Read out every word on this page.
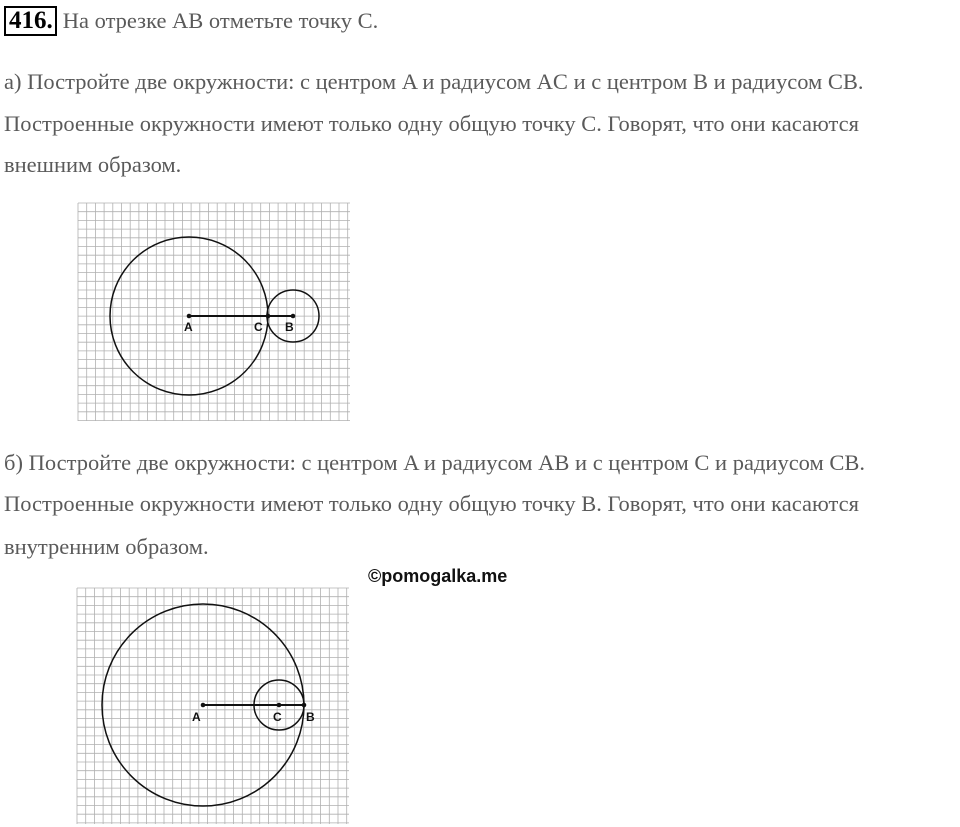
416. На отрезке AB отметьте точку C.
а) Постройте две окружности: с центром A и радиусом AC и с центром B и радиусом CB.
Построенные окружности имеют только одну общую точку C. Говорят, что они касаются
внешним образом.
A	C B
б) Постройте две окружности: с центром A и радиусом AB и с центром C и радиусом CB.
Построенные окружности имеют только одну общую точку B. Говорят, что они касаются
внутренним образом.
©pomogalka.me
A	C B
